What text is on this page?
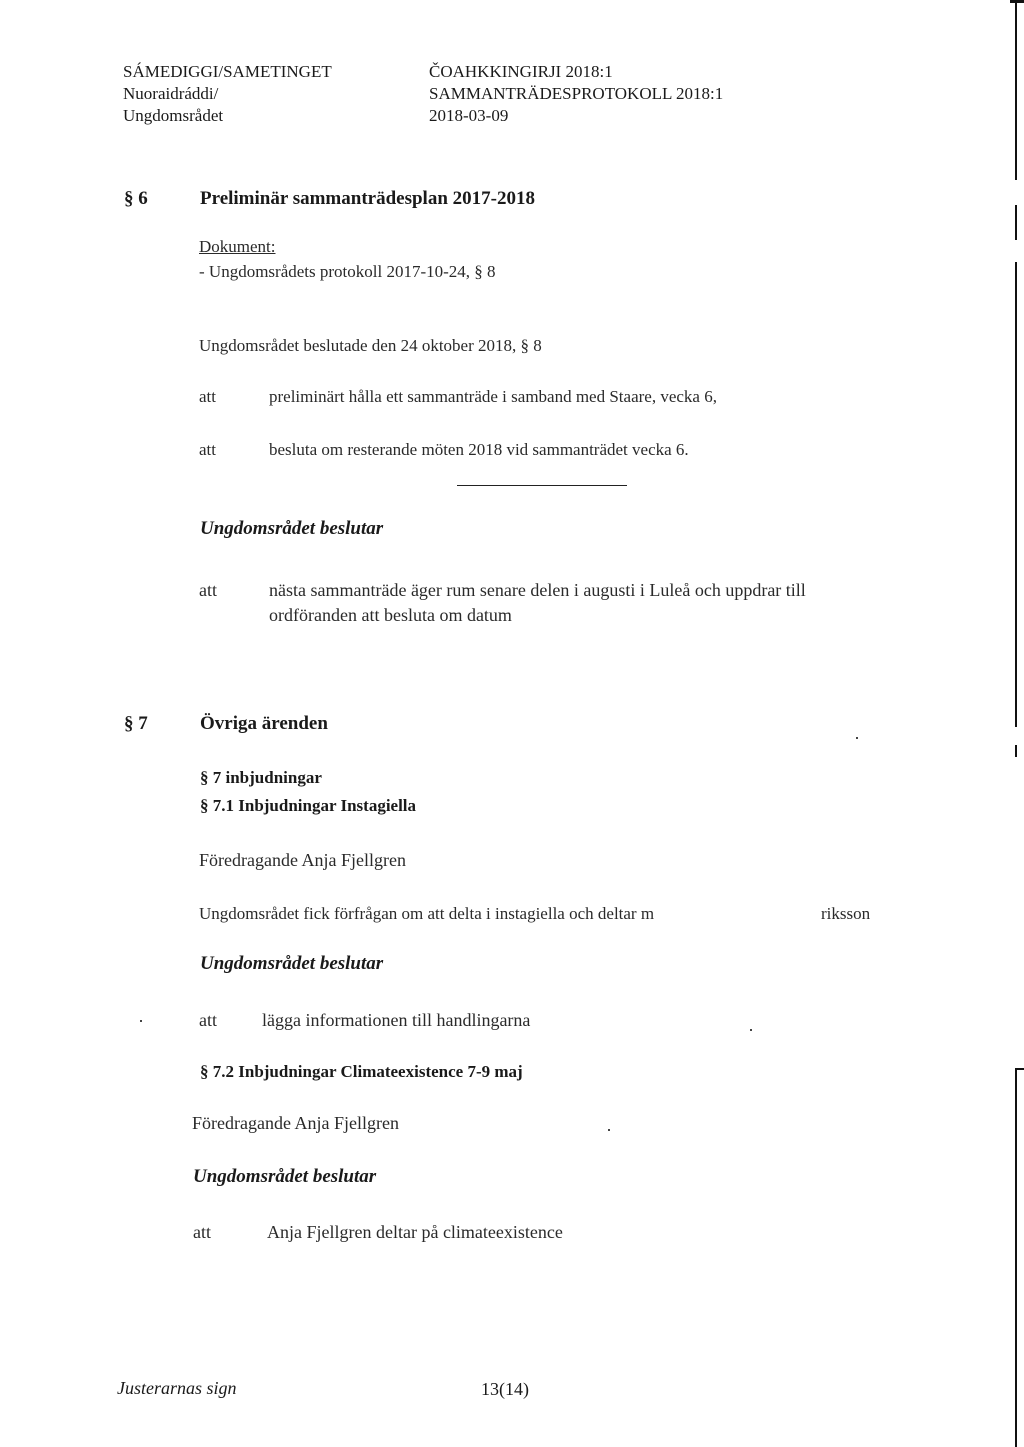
SÁMEDIGGI/SAMETINGET
Nuoraidráddi/
Ungdomsrådet
ČOAHKKINGIRJI 2018:1
SAMMANTRÄDESPROTOKOLL 2018:1
2018-03-09
§ 6	Preliminär sammanträdesplan 2017-2018
Dokument:
- Ungdomsrådets protokoll 2017-10-24, § 8
Ungdomsrådet beslutade den 24 oktober 2018, § 8
att	preliminärt hålla ett sammanträde i samband med Staare, vecka 6,
att	besluta om resterande möten 2018 vid sammanträdet vecka 6.
Ungdomsrådet beslutar
att	nästa sammanträde äger rum senare delen i augusti i Luleå och uppdrar till
ordföranden att besluta om datum
§ 7	Övriga ärenden
§ 7 inbjudningar
§ 7.1 Inbjudningar Instagiella
Föredragande Anja Fjellgren
Ungdomsrådet fick förfrågan om att delta i instagiella och deltar m	riksson
Ungdomsrådet beslutar
att	lägga informationen till handlingarna
§ 7.2 Inbjudningar Climateexistence 7-9 maj
Föredragande Anja Fjellgren
Ungdomsrådet beslutar
att	Anja Fjellgren deltar på climateexistence
Justerarnas sign	13(14)
